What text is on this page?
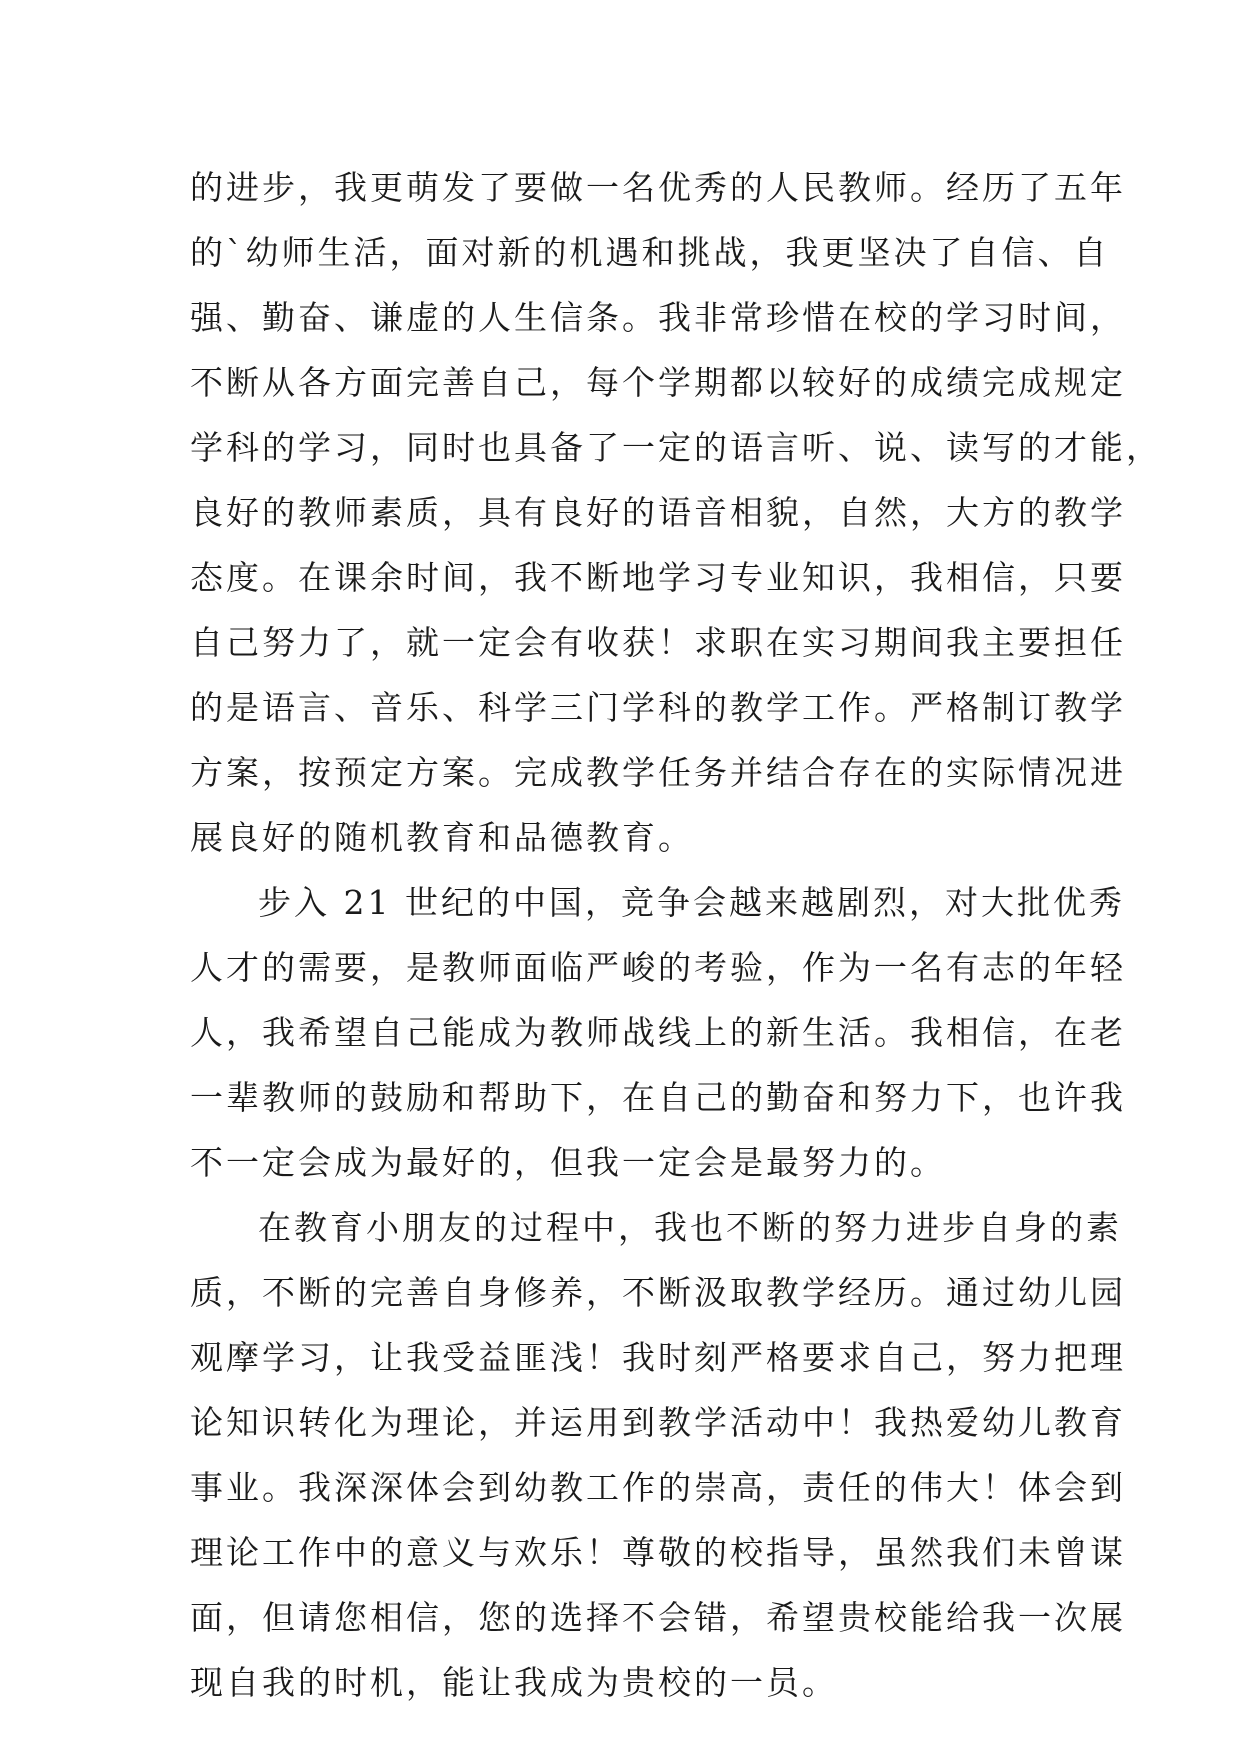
的进步，我更萌发了要做一名优秀的人民教师。经历了五年
的`幼师生活，面对新的机遇和挑战，我更坚决了自信、自
强、勤奋、谦虚的人生信条。我非常珍惜在校的学习时间，
不断从各方面完善自己，每个学期都以较好的成绩完成规定
学科的学习，同时也具备了一定的语言听、说、读写的才能，
良好的教师素质，具有良好的语音相貌，自然，大方的教学
态度。在课余时间，我不断地学习专业知识，我相信，只要
自己努力了，就一定会有收获！求职在实习期间我主要担任
的是语言、音乐、科学三门学科的教学工作。严格制订教学
方案，按预定方案。完成教学任务并结合存在的实际情况进
展良好的随机教育和品德教育。
步入 21 世纪的中国，竞争会越来越剧烈，对大批优秀
人才的需要，是教师面临严峻的考验，作为一名有志的年轻
人，我希望自己能成为教师战线上的新生活。我相信，在老
一辈教师的鼓励和帮助下，在自己的勤奋和努力下，也许我
不一定会成为最好的，但我一定会是最努力的。
在教育小朋友的过程中，我也不断的努力进步自身的素
质，不断的完善自身修养，不断汲取教学经历。通过幼儿园
观摩学习，让我受益匪浅！我时刻严格要求自己，努力把理
论知识转化为理论，并运用到教学活动中！我热爱幼儿教育
事业。我深深体会到幼教工作的崇高，责任的伟大！体会到
理论工作中的意义与欢乐！尊敬的校指导，虽然我们未曾谋
面，但请您相信，您的选择不会错，希望贵校能给我一次展
现自我的时机，能让我成为贵校的一员。
